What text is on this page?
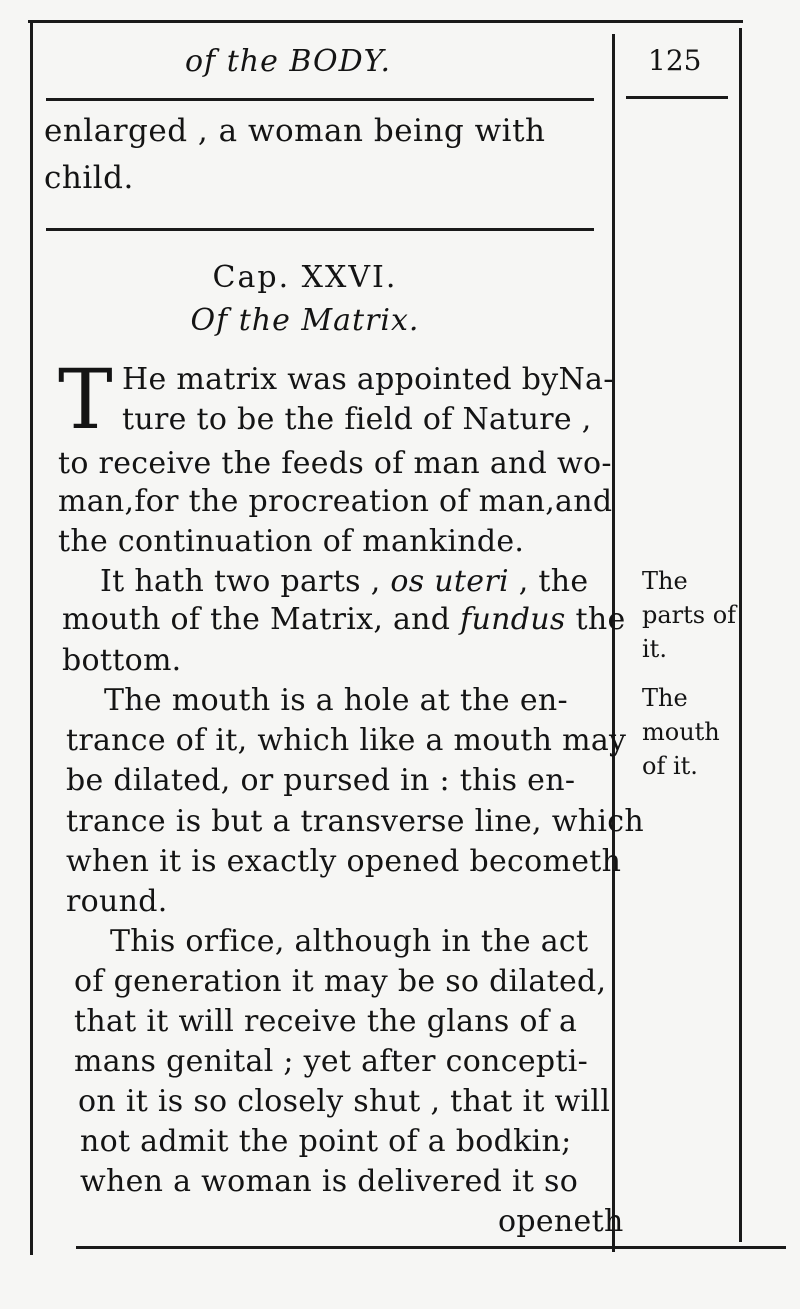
of the BODY.	125
enlarged , a woman being with
child.
Cap. XXVI.
Of the Matrix.
T He matrix was appointed byNa-
ture to be the field of Nature ,
to receive the feeds of man and wo-
man,for the procreation of man,and
the continuation of mankinde.
It hath two parts , os uteri , the
mouth of the Matrix, and fundus the
bottom.
The mouth is a hole at the en-
trance of it, which like a mouth may
be dilated, or pursed in : this en-
trance is but a transverse line, which
when it is exactly opened becometh
round.
This orfice, although in the act
of generation it may be so dilated,
that it will receive the glans of a
mans genital ; yet after concepti-
on it is so closely shut , that it will
not admit the point of a bodkin;
when a woman is delivered it so
openeth
The
parts of
it.
The
mouth
of it.
